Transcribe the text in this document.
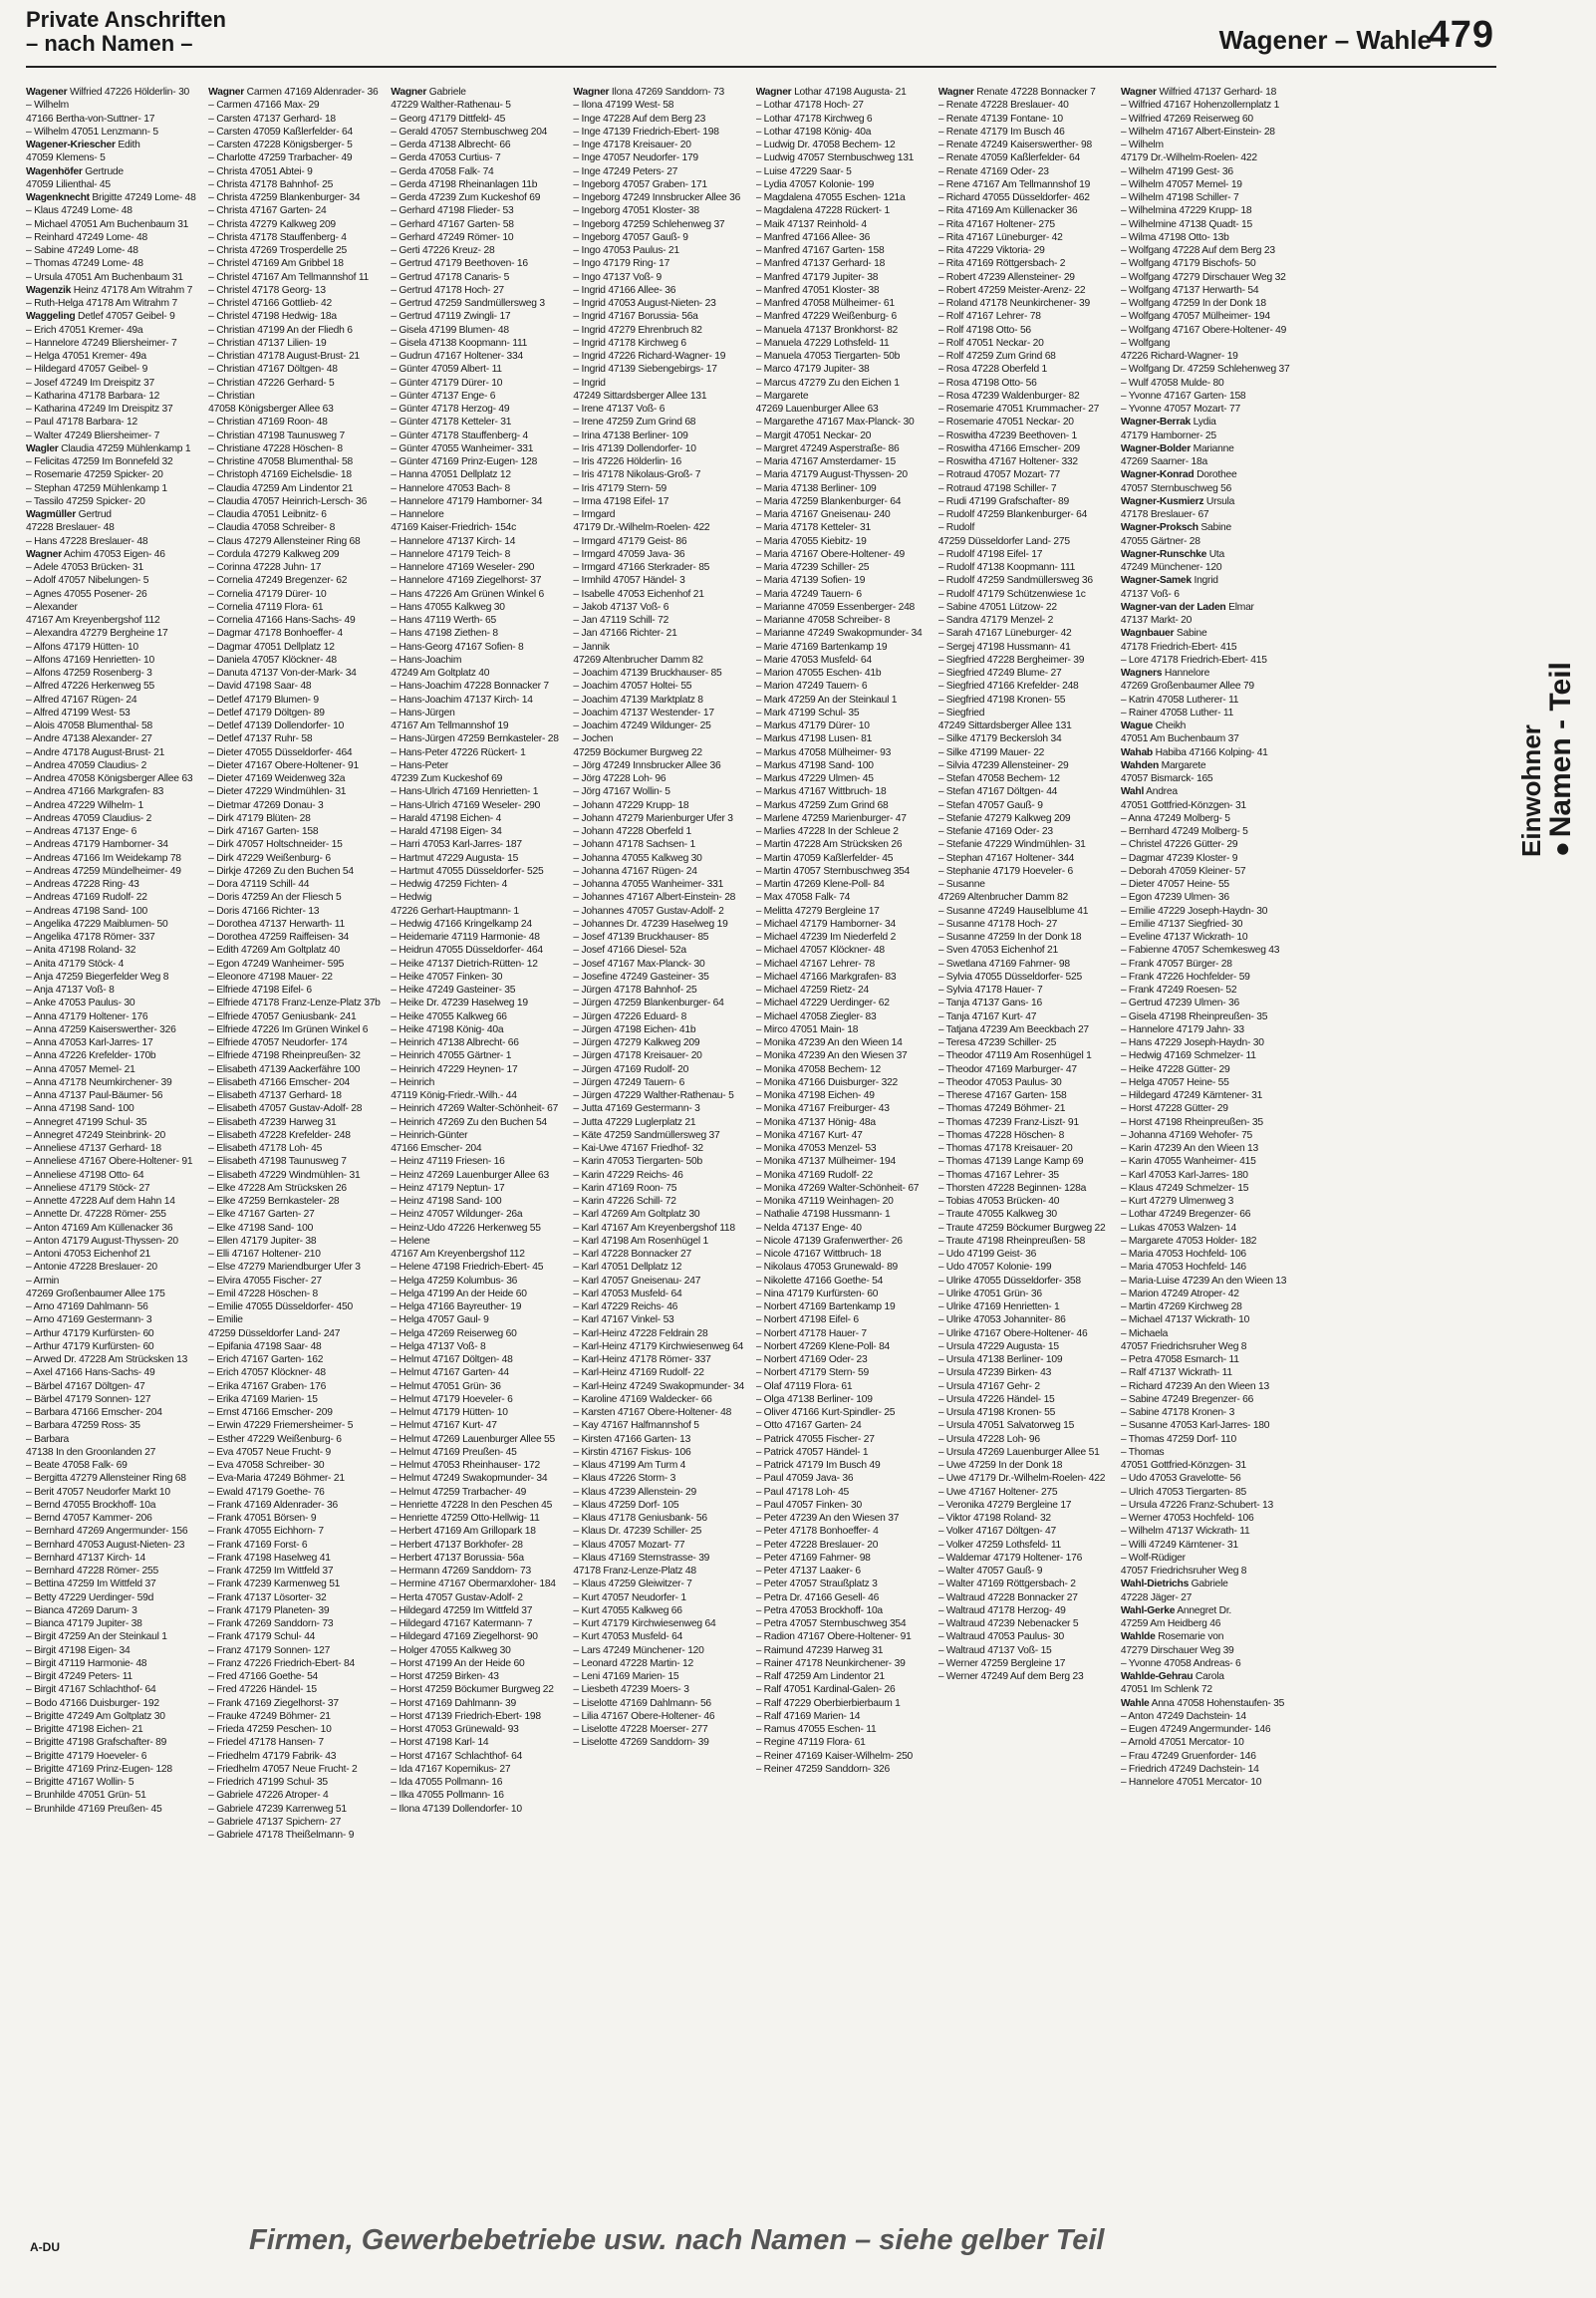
Private Anschriften
– nach Namen –	Wagener – Wahle
479
Wagener Wilfried 47226 Hölderlin- 30
– Wilhelm
47166 Bertha-von-Suttner- 17
– Wilhelm 47051 Lenzmann- 5
Wagener-Kriescher Edith
47059 Klemens- 5
Wagenhöfer Gertrude
47059 Lilienthal- 45
Wagenknecht Brigitte 47249 Lome- 48
– Klaus 47249 Lome- 48
– Michael 47051 Am Buchenbaum 31
– Reinhard 47249 Lome- 48
– Sabine 47249 Lome- 48
– Thomas 47249 Lome- 48
– Ursula 47051 Am Buchenbaum 31
Wagenzik Heinz 47178 Am Witrahm 7
– Ruth-Helga 47178 Am Witrahm 7
Waggeling Detlef 47057 Geibel- 9
– Erich 47051 Kremer- 49a
– Hannelore 47249 Bliersheimer- 7
– Helga 47051 Kremer- 49a
– Hildegard 47057 Geibel- 9
– Josef 47249 Im Dreispitz 37
– Katharina 47178 Barbara- 12
– Katharina 47249 Im Dreispitz 37
– Paul 47178 Barbara- 12
– Walter 47249 Bliersheimer- 7
Wagler Claudia 47259 Mühlenkamp 1
– Felicitas 47259 Im Bonnefeld 32
– Rosemarie 47259 Spicker- 20
– Stephan 47259 Mühlenkamp 1
– Tassilo 47259 Spicker- 20
Wagmüller Gertrud
47228 Breslauer- 48
– Hans 47228 Breslauer- 48
Wagner Achim 47053 Eigen- 46
– Adele 47053 Brücken- 31
– Adolf 47057 Nibelungen- 5
– Agnes 47055 Posener- 26
– Alexander
47167 Am Kreyenbergshof 112
– Alexandra 47279 Bergheine 17
– Alfons 47179 Hütten- 10
– Alfons 47169 Henrietten- 10
– Alfons 47259 Rosenberg- 3
– Alfred 47226 Herkenweg 55
– Alfred 47167 Rügen- 24
– Alfred 47199 West- 53
– Alois 47058 Blumenthal- 58
– Andre 47138 Alexander- 27
– Andre 47178 August-Brust- 21
– Andrea 47059 Claudius- 2
– Andrea 47058 Königsberger Allee 63
– Andrea 47166 Markgrafen- 83
– Andrea 47229 Wilhelm- 1
– Andreas 47059 Claudius- 2
– Andreas 47137 Enge- 6
– Andreas 47179 Hamborner- 34
– Andreas 47166 Im Weidekamp 78
– Andreas 47259 Mündelheimer- 49
– Andreas 47228 Ring- 43
– Andreas 47169 Rudolf- 22
– Andreas 47198 Sand- 100
– Angelika 47229 Maiblumen- 50
– Angelika 47178 Römer- 337
– Anita 47198 Roland- 32
– Anita 47179 Stöck- 4
– Anja 47259 Biegerfelder Weg 8
– Anja 47137 Voß- 8
– Anke 47053 Paulus- 30
– Anna 47179 Holtener- 176
– Anna 47259 Kaiserswerther- 326
– Anna 47053 Karl-Jarres- 17
– Anna 47226 Krefelder- 170b
– Anna 47057 Memel- 21
– Anna 47178 Neumkirchener- 39
– Anna 47137 Paul-Bäumer- 56
– Anna 47198 Sand- 100
– Annegret 47199 Schul- 35
– Annegret 47249 Steinbrink- 20
– Anneliese 47137 Gerhard- 18
– Anneliese 47167 Obere-Holtener- 91
– Anneliese 47198 Otto- 64
– Anneliese 47179 Stöck- 27
– Annette 47228 Auf dem Hahn 14
– Annette Dr. 47228 Römer- 255
– Anton 47169 Am Küllenacker 36
– Anton 47179 August-Thyssen- 20
– Antoni 47053 Eichenhof 21
– Antonie 47228 Breslauer- 20
– Armin
47269 Großenbaumer Allee 175
– Arno 47169 Dahlmann- 56
– Arno 47169 Gestermann- 3
– Arthur 47179 Kurfürsten- 60
– Arthur 47179 Kurfürsten- 60
– Arwed Dr. 47228 Am Strücksken 13
– Axel 47166 Hans-Sachs- 49
– Bärbel 47167 Döltgen- 47
– Bärbel 47179 Sonnen- 127
– Barbara 47166 Emscher- 204
– Barbara 47259 Ross- 35
– Barbara
47138 In den Groonlanden 27
– Beate 47058 Falk- 69
– Bergitta 47279 Allensteiner Ring 68
– Berit 47057 Neudorfer Markt 10
– Bernd 47055 Brockhoff- 10a
– Bernd 47057 Kammer- 206
– Bernhard 47269 Angermunder- 156
– Bernhard 47053 August-Nieten- 23
– Bernhard 47137 Kirch- 14
– Bernhard 47228 Römer- 255
– Bettina 47259 Im Wittfeld 37
– Betty 47229 Uerdinger- 59d
– Bianca 47269 Darum- 3
– Bianca 47179 Jupiter- 38
– Birgit 47259 An der Steinkaul 1
– Birgit 47198 Eigen- 34
– Birgit 47119 Harmonie- 48
– Birgit 47249 Peters- 11
– Birgit 47167 Schlachthof- 64
– Bodo 47166 Duisburger- 192
– Brigitte 47249 Am Goltplatz 30
– Brigitte 47198 Eichen- 21
– Brigitte 47198 Grafschafter- 89
– Brigitte 47179 Hoeveler- 6
– Brigitte 47169 Prinz-Eugen- 128
– Brigitte 47167 Wollin- 5
– Brunhilde 47051 Grün- 51
– Brunhilde 47169 Preußen- 45
Wagner Carmen 47169 Aldenrader- 36
– Carmen 47166 Max- 29
– Carsten 47137 Gerhard- 18
– Carsten 47059 Kaßlerfelder- 64
– Carsten 47228 Königsberger- 5
– Charlotte 47259 Trarbacher- 49
– Christa 47051 Abtei- 9
– Christa 47178 Bahnhof- 25
– Christa 47259 Blankenburger- 34
– Christa 47167 Garten- 24
– Christa 47279 Kalkweg 209
– Christa 47178 Stauffenberg- 4
– Christa 47269 Trosperdelle 25
– Christel 47169 Am Gribbel 18
– Christel 47167 Am Tellmannshof 11
– Christel 47178 Georg- 13
– Christel 47166 Gottlieb- 42
– Christel 47198 Hedwig- 18a
– Christian 47199 An der Fliedh 6
– Christian 47137 Lilien- 19
– Christian 47178 August-Brust- 21
– Christian 47167 Döltgen- 48
– Christian 47226 Gerhard- 5
– Christian
47058 Königsberger Allee 63
– Christian 47169 Roon- 48
– Christian 47198 Taunusweg 7
– Christiane 47228 Höschen- 8
– Christine 47058 Blumenthal- 58
– Christoph 47169 Eichelsdie- 18
– Claudia 47259 Am Lindentor 21
– Claudia 47057 Heinrich-Lersch- 36
– Claudia 47051 Leibnitz- 6
– Claudia 47058 Schreiber- 8
– Claus 47279 Allensteiner Ring 68
– Cordula 47279 Kalkweg 209
– Corinna 47228 Juhn- 17
– Cornelia 47249 Bregenzer- 62
– Cornelia 47179 Dürer- 10
– Cornelia 47119 Flora- 61
– Cornelia 47166 Hans-Sachs- 49
– Dagmar 47178 Bonhoeffer- 4
– Dagmar 47051 Dellplatz 12
– Daniela 47057 Klöckner- 48
– Danuta 47137 Von-der-Mark- 34
– David 47198 Saar- 48
– Detlef 47179 Blumen- 9
– Detlef 47179 Döltgen- 89
– Detlef 47139 Dollendorfer- 10
– Detlef 47137 Ruhr- 58
– Dieter 47055 Düsseldorfer- 464
– Dieter 47167 Obere-Holtener- 91
– Dieter 47169 Weidenweg 32a
– Dieter 47229 Windmühlen- 31
– Dietmar 47269 Donau- 3
– Dirk 47179 Blüten- 28
– Dirk 47167 Garten- 158
– Dirk 47057 Holtschneider- 15
– Dirk 47229 Weißenburg- 6
– Dirkje 47269 Zu den Buchen 54
– Dora 47119 Schill- 44
– Doris 47259 An der Fliesch 5
– Doris 47166 Richter- 13
– Dorothea 47137 Herwarth- 11
– Dorothea 47259 Raiffeisen- 34
– Edith 47269 Am Goltplatz 40
– Egon 47249 Wanheimer- 595
– Eleonore 47198 Mauer- 22
– Elfriede 47198 Eifel- 6
– Elfriede 47178 Franz-Lenze-Platz 37b
– Elfriede 47057 Geniusbank- 241
– Elfriede 47226 Im Grünen Winkel 6
– Elfriede 47057 Neudorfer- 174
– Elfriede 47198 Rheinpreußen- 32
– Elisabeth 47139 Aackerfähre 100
– Elisabeth 47166 Emscher- 204
– Elisabeth 47137 Gerhard- 18
– Elisabeth 47057 Gustav-Adolf- 28
– Elisabeth 47239 Harweg 31
– Elisabeth 47228 Krefelder- 248
– Elisabeth 47178 Loh- 45
– Elisabeth 47198 Taunusweg 7
– Elisabeth 47229 Windmühlen- 31
– Elke 47228 Am Strücksken 26
– Elke 47259 Bernkasteler- 28
– Elke 47167 Garten- 27
– Elke 47198 Sand- 100
– Ellen 47179 Jupiter- 38
– Elli 47167 Holtener- 210
– Else 47279 Mariendburger Ufer 3
– Elvira 47055 Fischer- 27
– Emil 47228 Höschen- 8
– Emilie 47055 Düsseldorfer- 450
– Emilie
47259 Düsseldorfer Land- 247
– Epifania 47198 Saar- 48
– Erich 47167 Garten- 162
– Erich 47057 Klöckner- 48
– Erika 47167 Graben- 176
– Erika 47169 Marien- 15
– Ernst 47166 Emscher- 209
– Erwin 47229 Friemersheimer- 5
– Esther 47229 Weißenburg- 6
– Eva 47057 Neue Frucht- 9
– Eva 47058 Schreiber- 30
– Eva-Maria 47249 Böhmer- 21
– Ewald 47179 Goethe- 76
– Frank 47169 Aldenrader- 36
– Frank 47051 Börsen- 9
– Frank 47055 Eichhorn- 7
– Frank 47169 Forst- 6
– Frank 47198 Haselweg 41
– Frank 47259 Im Wittfeld 37
– Frank 47239 Karmenweg 51
– Frank 47137 Lösorter- 32
– Frank 47179 Planeten- 39
– Frank 47269 Sanddorn- 73
– Frank 47179 Schul- 44
– Franz 47179 Sonnen- 127
– Franz 47226 Friedrich-Ebert- 84
– Fred 47166 Goethe- 54
– Fred 47226 Händel- 15
– Frank 47169 Ziegelhorst- 37
– Frauke 47249 Böhmer- 21
– Frieda 47259 Peschen- 10
– Friedel 47178 Hansen- 7
– Friedhelm 47179 Fabrik- 43
– Friedhelm 47057 Neue Frucht- 2
– Friedrich 47199 Schul- 35
– Gabriele 47226 Atroper- 4
– Gabriele 47239 Karrenweg 51
– Gabriele 47137 Spichern- 27
– Gabriele 47178 Theißelmann- 9
Wagner Gabriele
47229 Walther-Rathenau- 5
– Georg 47179 Dittfeld- 45
– Gerald 47057 Sternbuschweg 204
– Gerda 47138 Albrecht- 66
– Gerda 47053 Curtius- 7
– Gerda 47058 Falk- 74
– Gerda 47198 Rheinanlagen 11b
– Gerda 47239 Zum Kuckeshof 69
– Gerhard 47198 Flieder- 53
– Gerhard 47167 Garten- 58
– Gerhard 47249 Römer- 10
– Gerti 47226 Kreuz- 28
– Gertrud 47179 Beethoven- 16
– Gertrud 47178 Canaris- 5
– Gertrud 47178 Hoch- 27
– Gertrud 47259 Sandmüllersweg 3
– Gertrud 47119 Zwingli- 17
– Gisela 47199 Blumen- 48
– Gisela 47138 Koopmann- 111
– Gudrun 47167 Holtener- 334
– Günter 47059 Albert- 11
– Günter 47179 Dürer- 10
– Günter 47137 Enge- 6
– Günter 47178 Herzog- 49
– Günter 47178 Ketteler- 31
– Günter 47178 Stauffenberg- 4
– Günter 47055 Wanheimer- 331
– Günter 47169 Prinz-Eugen- 128
– Hanna 47051 Dellplatz 12
– Hannelore 47053 Bach- 8
– Hannelore 47179 Hamborner- 34
– Hannelore
47169 Kaiser-Friedrich- 154c
– Hannelore 47137 Kirch- 14
– Hannelore 47179 Teich- 8
– Hannelore 47169 Weseler- 290
– Hannelore 47169 Ziegelhorst- 37
– Hans 47226 Am Grünen Winkel 6
– Hans 47055 Kalkweg 30
– Hans 47119 Werth- 65
– Hans 47198 Ziethen- 8
– Hans-Georg 47167 Sofien- 8
– Hans-Joachim
47249 Am Goltplatz 40
– Hans-Joachim 47228 Bonnacker 7
– Hans-Joachim 47137 Kirch- 14
– Hans-Jürgen
47167 Am Tellmannshof 19
– Hans-Jürgen 47259 Bernkasteler- 28
– Hans-Peter 47226 Rückert- 1
– Hans-Peter
47239 Zum Kuckeshof 69
– Hans-Ulrich 47169 Henrietten- 1
– Hans-Ulrich 47169 Weseler- 290
– Harald 47198 Eichen- 4
– Harald 47198 Eigen- 34
– Harri 47053 Karl-Jarres- 187
– Hartmut 47229 Augusta- 15
– Hartmut 47055 Düsseldorfer- 525
– Hedwig 47259 Fichten- 4
– Hedwig
47226 Gerhart-Hauptmann- 1
– Hedwig 47166 Kringelkamp 24
– Heidemarie 47119 Harmonie- 48
– Heidrun 47055 Düsseldorfer- 464
– Heike 47137 Dietrich-Rütten- 12
– Heike 47057 Finken- 30
– Heike 47249 Gasteiner- 35
– Heike Dr. 47239 Haselweg 19
– Heike 47055 Kalkweg 66
– Heike 47198 König- 40a
– Heinrich 47138 Albrecht- 66
– Heinrich 47055 Gärtner- 1
– Heinrich 47229 Heynen- 17
– Heinrich
47119 König-Friedr.-Wilh.- 44
– Heinrich 47269 Walter-Schönheit- 67
– Heinrich 47269 Zu den Buchen 54
– Heinrich-Günter
47166 Emscher- 204
– Heinz 47119 Friesen- 16
– Heinz 47269 Lauenburger Allee 63
– Heinz 47179 Neptun- 17
– Heinz 47198 Sand- 100
– Heinz 47057 Wildunger- 26a
– Heinz-Udo 47226 Herkenweg 55
– Helene
47167 Am Kreyenbergshof 112
– Helene 47198 Friedrich-Ebert- 45
– Helga 47259 Kolumbus- 36
– Helga 47199 An der Heide 60
– Helga 47166 Bayreuther- 19
– Helga 47057 Gaul- 9
– Helga 47269 Reiserweg 60
– Helga 47137 Voß- 8
– Helmut 47167 Döltgen- 48
– Helmut 47167 Garten- 44
– Helmut 47051 Grün- 36
– Helmut 47179 Hoeveler- 6
– Helmut 47179 Hütten- 10
– Helmut 47167 Kurt- 47
– Helmut 47269 Lauenburger Allee 55
– Helmut 47169 Preußen- 45
– Helmut 47053 Rheinhauser- 172
– Helmut 47249 Swakopmunder- 34
– Helmut 47259 Trarbacher- 49
– Henriette 47228 In den Peschen 45
– Henriette 47259 Otto-Hellwig- 11
– Herbert 47169 Am Grillopark 18
– Herbert 47137 Borkhofer- 28
– Herbert 47137 Borussia- 56a
– Hermann 47269 Sanddorn- 73
– Hermine 47167 Obermarxloher- 184
– Herta 47057 Gustav-Adolf- 2
– Hildegard 47259 Im Wittfeld 37
– Hildegard 47167 Katermann- 7
– Hildegard 47169 Ziegelhorst- 90
– Holger 47055 Kalkweg 30
– Horst 47199 An der Heide 60
– Horst 47259 Birken- 43
– Horst 47259 Böckumer Burgweg 22
– Horst 47169 Dahlmann- 39
– Horst 47139 Friedrich-Ebert- 198
– Horst 47053 Grünewald- 93
– Horst 47198 Karl- 14
– Horst 47167 Schlachthof- 64
– Ida 47167 Kopernikus- 27
– Ida 47055 Pollmann- 16
– Ilka 47055 Pollmann- 16
– Ilona 47139 Dollendorfer- 10
Wagner Ilona 47269 Sanddorn- 73
– Ilona 47199 West- 58
– Inge 47228 Auf dem Berg 23
– Inge 47139 Friedrich-Ebert- 198
– Inge 47178 Kreisauer- 20
– Inge 47057 Neudorfer- 179
– Inge 47249 Peters- 27
– Ingeborg 47057 Graben- 171
– Ingeborg 47249 Innsbrucker Allee 36
– Ingeborg 47051 Kloster- 38
– Ingeborg 47259 Schlehenweg 37
– Ingeborg 47057 Gauß- 9
– Ingo 47053 Paulus- 21
– Ingo 47179 Ring- 17
– Ingo 47137 Voß- 9
– Ingrid 47166 Allee- 36
– Ingrid 47053 August-Nieten- 23
– Ingrid 47167 Borussia- 56a
– Ingrid 47279 Ehrenbruch 82
– Ingrid 47178 Kirchweg 6
– Ingrid 47226 Richard-Wagner- 19
– Ingrid 47139 Siebengebirgs- 17
– Ingrid
47249 Sittardsberger Allee 131
– Irene 47137 Voß- 6
– Irene 47259 Zum Grind 68
– Irina 47138 Berliner- 109
– Iris 47139 Dollendorfer- 10
– Iris 47226 Hölderlin- 16
– Iris 47178 Nikolaus-Groß- 7
– Iris 47179 Stern- 59
– Irma 47198 Eifel- 17
– Irmgard
47179 Dr.-Wilhelm-Roelen- 422
– Irmgard 47179 Geist- 86
– Irmgard 47059 Java- 36
– Irmgard 47166 Sterkrader- 85
– Irmhild 47057 Händel- 3
– Isabelle 47053 Eichenhof 21
– Jakob 47137 Voß- 6
– Jan 47119 Schill- 72
– Jan 47166 Richter- 21
– Jannik
47269 Altenbrucher Damm 82
– Joachim 47139 Bruckhauser- 85
– Joachim 47057 Holtei- 55
– Joachim 47139 Marktplatz 8
– Joachim 47137 Westender- 17
– Joachim 47249 Wildunger- 25
– Jochen
47259 Böckumer Burgweg 22
– Jörg 47249 Innsbrucker Allee 36
– Jörg 47228 Loh- 96
– Jörg 47167 Wollin- 5
– Johann 47229 Krupp- 18
– Johann 47279 Marienburger Ufer 3
– Johann 47228 Oberfeld 1
– Johann 47178 Sachsen- 1
– Johanna 47055 Kalkweg 30
– Johanna 47167 Rügen- 24
– Johanna 47055 Wanheimer- 331
– Johannes 47167 Albert-Einstein- 28
– Johannes 47057 Gustav-Adolf- 2
– Johannes Dr. 47239 Haselweg 19
– Josef 47139 Bruckhauser- 85
– Josef 47166 Diesel- 52a
– Josef 47167 Max-Planck- 30
– Josefine 47249 Gasteiner- 35
– Jürgen 47178 Bahnhof- 25
– Jürgen 47259 Blankenburger- 64
– Jürgen 47226 Eduard- 8
– Jürgen 47198 Eichen- 41b
– Jürgen 47279 Kalkweg 209
– Jürgen 47178 Kreisauer- 20
– Jürgen 47169 Rudolf- 20
– Jürgen 47249 Tauern- 6
– Jürgen 47229 Walther-Rathenau- 5
– Jutta 47169 Gestermann- 3
– Jutta 47229 Luglerplatz 21
– Käte 47259 Sandmüllersweg 37
– Kai-Uwe 47167 Friedhof- 32
– Karin 47053 Tiergarten- 50b
– Karin 47229 Reichs- 46
– Karin 47169 Roon- 75
– Karin 47226 Schill- 72
– Karl 47269 Am Goltplatz 30
– Karl 47167 Am Kreyenbergshof 118
– Karl 47198 Am Rosenhügel 1
– Karl 47228 Bonnacker 27
– Karl 47051 Dellplatz 12
– Karl 47057 Gneisenau- 247
– Karl 47053 Musfeld- 64
– Karl 47229 Reichs- 46
– Karl 47167 Vinkel- 53
– Karl-Heinz 47228 Feldrain 28
– Karl-Heinz 47179 Kirchwiesenweg 64
– Karl-Heinz 47178 Römer- 337
– Karl-Heinz 47169 Rudolf- 22
– Karl-Heinz 47249 Swakopmunder- 34
– Karoline 47169 Waldecker- 66
– Karsten 47167 Obere-Holtener- 48
– Kay 47167 Halfmannshof 5
– Kirsten 47166 Garten- 13
– Kirstin 47167 Fiskus- 106
– Klaus 47199 Am Turm 4
– Klaus 47226 Storm- 3
– Klaus 47239 Allenstein- 29
– Klaus 47259 Dorf- 105
– Klaus 47178 Geniusbank- 56
– Klaus Dr. 47239 Schiller- 25
– Klaus 47057 Mozart- 77
– Klaus 47169 Sternstrasse- 39
47178 Franz-Lenze-Platz 48
– Klaus 47259 Gleiwitzer- 7
– Kurt 47057 Neudorfer- 1
– Kurt 47055 Kalkweg 66
– Kurt 47179 Kirchwiesenweg 64
– Kurt 47053 Musfeld- 64
– Lars 47249 Münchener- 120
– Leonard 47228 Martin- 12
– Leni 47169 Marien- 15
– Liesbeth 47239 Moers- 3
– Liselotte 47169 Dahlmann- 56
– Lilia 47167 Obere-Holtener- 46
– Liselotte 47228 Moerser- 277
– Liselotte 47269 Sanddorn- 39
Wagner Lothar 47198 Augusta- 21
– Lothar 47178 Hoch- 27
– Lothar 47178 Kirchweg 6
– Lothar 47198 König- 40a
– Ludwig Dr. 47058 Bechem- 12
– Ludwig 47057 Sternbuschweg 131
– Luise 47229 Saar- 5
– Lydia 47057 Kolonie- 199
– Magdalena 47055 Eschen- 121a
– Magdalena 47228 Rückert- 1
– Maik 47137 Reinhold- 4
– Manfred 47166 Allee- 36
– Manfred 47167 Garten- 158
– Manfred 47137 Gerhard- 18
– Manfred 47179 Jupiter- 38
– Manfred 47051 Kloster- 38
– Manfred 47058 Mülheimer- 61
– Manfred 47229 Weißenburg- 6
– Manuela 47137 Bronkhorst- 82
– Manuela 47229 Lothsfeld- 11
– Manuela 47053 Tiergarten- 50b
– Marco 47179 Jupiter- 38
– Marcus 47279 Zu den Eichen 1
– Margarete
47269 Lauenburger Allee 63
– Margarethe 47167 Max-Planck- 30
– Margit 47051 Neckar- 20
– Margret 47249 Asperstraße- 86
– Maria 47167 Amsterdamer- 15
– Maria 47179 August-Thyssen- 20
– Maria 47138 Berliner- 109
– Maria 47259 Blankenburger- 64
– Maria 47167 Gneisenau- 240
– Maria 47178 Ketteler- 31
– Maria 47055 Kiebitz- 19
– Maria 47167 Obere-Holtener- 49
– Maria 47239 Schiller- 25
– Maria 47139 Sofien- 19
– Maria 47249 Tauern- 6
– Marianne 47059 Essenberger- 248
– Marianne 47058 Schreiber- 8
– Marianne 47249 Swakopmunder- 34
– Marie 47169 Bartenkamp 19
– Marie 47053 Musfeld- 64
– Marion 47055 Eschen- 41b
– Marion 47249 Tauern- 6
– Mark 47259 An der Steinkaul 1
– Mark 47199 Schul- 35
– Markus 47179 Dürer- 10
– Markus 47198 Lusen- 81
– Markus 47058 Mülheimer- 93
– Markus 47198 Sand- 100
– Markus 47229 Ulmen- 45
– Markus 47167 Wittbruch- 18
– Markus 47259 Zum Grind 68
– Marlene 47259 Marienburger- 47
– Marlies 47228 In der Schleue 2
– Martin 47228 Am Strücksken 26
– Martin 47059 Kaßlerfelder- 45
– Martin 47057 Sternbuschweg 354
– Martin 47269 Klene-Poll- 84
– Max 47058 Falk- 74
– Melitta 47279 Bergleine 17
– Michael 47179 Hamborner- 34
– Michael 47239 Im Niederfeld 2
– Michael 47057 Klöckner- 48
– Michael 47167 Lehrer- 78
– Michael 47166 Markgrafen- 83
– Michael 47259 Rietz- 24
– Michael 47229 Uerdinger- 62
– Michael 47058 Ziegler- 83
– Mirco 47051 Main- 18
– Monika 47239 An den Wieen 14
– Monika 47239 An den Wiesen 37
– Monika 47058 Bechem- 12
– Monika 47166 Duisburger- 322
– Monika 47198 Eichen- 49
– Monika 47167 Freiburger- 43
– Monika 47137 Hönig- 48a
– Monika 47167 Kurt- 47
– Monika 47053 Menzel- 53
– Monika 47137 Mülheimer- 194
– Monika 47169 Rudolf- 22
– Monika 47269 Walter-Schönheit- 67
– Monika 47119 Weinhagen- 20
– Nathalie 47198 Hussmann- 1
– Nelda 47137 Enge- 40
– Nicole 47139 Grafenwerther- 26
– Nicole 47167 Wittbruch- 18
– Nikolaus 47053 Grunewald- 89
– Nikolette 47166 Goethe- 54
– Nina 47179 Kurfürsten- 60
– Norbert 47169 Bartenkamp 19
– Norbert 47198 Eifel- 6
– Norbert 47178 Hauer- 7
– Norbert 47269 Klene-Poll- 84
– Norbert 47169 Oder- 23
– Norbert 47179 Stern- 59
– Olaf 47119 Flora- 61
– Olga 47138 Berliner- 109
– Oliver 47166 Kurt-Spindler- 25
– Otto 47167 Garten- 24
– Patrick 47055 Fischer- 27
– Patrick 47057 Händel- 1
– Patrick 47179 Im Busch 49
– Paul 47059 Java- 36
– Paul 47178 Loh- 45
– Paul 47057 Finken- 30
– Peter 47239 An den Wiesen 37
– Peter 47178 Bonhoeffer- 4
– Peter 47228 Breslauer- 20
– Peter 47169 Fahrner- 98
– Peter 47137 Laaker- 6
– Peter 47057 Straußplatz 3
– Petra Dr. 47166 Gesell- 46
– Petra 47053 Brockhoff- 10a
– Petra 47057 Sternbuschweg 354
– Radion 47167 Obere-Holtener- 91
– Raimund 47239 Harweg 31
– Rainer 47178 Neunkirchener- 39
– Ralf 47259 Am Lindentor 21
– Ralf 47051 Kardinal-Galen- 26
– Ralf 47229 Oberbierbierbaum 1
– Ralf 47169 Marien- 14
– Ramus 47055 Eschen- 11
– Regine 47119 Flora- 61
– Reiner 47169 Kaiser-Wilhelm- 250
– Reiner 47259 Sanddorn- 326
Wagner Renate 47228 Bonnacker 7
– Renate 47228 Breslauer- 40
– Renate 47139 Fontane- 10
– Renate 47179 Im Busch 46
– Renate 47249 Kaiserswerther- 98
– Renate 47059 Kaßlerfelder- 64
– Renate 47169 Oder- 23
– Rene 47167 Am Tellmannshof 19
– Richard 47055 Düsseldorfer- 462
– Rita 47169 Am Küllenacker 36
– Rita 47167 Holtener- 275
– Rita 47167 Lüneburger- 42
– Rita 47229 Viktoria- 29
– Rita 47169 Röttgersbach- 2
– Robert 47239 Allensteiner- 29
– Robert 47259 Meister-Arenz- 22
– Roland 47178 Neunkirchener- 39
– Rolf 47167 Lehrer- 78
– Rolf 47198 Otto- 56
– Rolf 47051 Neckar- 20
– Rolf 47259 Zum Grind 68
– Rosa 47228 Oberfeld 1
– Rosa 47198 Otto- 56
– Rosa 47239 Waldenburger- 82
– Rosemarie 47051 Krummacher- 27
– Rosemarie 47051 Neckar- 20
– Roswitha 47239 Beethoven- 1
– Roswitha 47166 Emscher- 209
– Roswitha 47167 Holtener- 332
– Rotraud 47057 Mozart- 77
– Rotraud 47198 Schiller- 7
– Rudi 47199 Grafschafter- 89
– Rudolf 47259 Blankenburger- 64
– Rudolf
47259 Düsseldorfer Land- 275
– Rudolf 47198 Eifel- 17
– Rudolf 47138 Koopmann- 111
– Rudolf 47259 Sandmüllersweg 36
– Rudolf 47179 Schützenwiese 1c
– Sabine 47051 Lützow- 22
– Sandra 47179 Menzel- 2
– Sarah 47167 Lüneburger- 42
– Sergej 47198 Hussmann- 41
– Siegfried 47228 Bergheimer- 39
– Siegfried 47249 Blume- 27
– Siegfried 47166 Krefelder- 248
– Siegfried 47198 Kronen- 55
– Siegfried
47249 Sittardsberger Allee 131
– Silke 47179 Beckersloh 34
– Silke 47199 Mauer- 22
– Silvia 47239 Allensteiner- 29
– Stefan 47058 Bechem- 12
– Stefan 47167 Döltgen- 44
– Stefan 47057 Gauß- 9
– Stefanie 47279 Kalkweg 209
– Stefanie 47169 Oder- 23
– Stefanie 47229 Windmühlen- 31
– Stephan 47167 Holtener- 344
– Stephanie 47179 Hoeveler- 6
– Susanne
47269 Altenbrucher Damm 82
– Susanne 47249 Hauselblume 41
– Susanne 47178 Hoch- 27
– Susanne 47259 In der Donk 18
– Sven 47053 Eichenhof 21
– Swetlana 47169 Fahrner- 98
– Sylvia 47055 Düsseldorfer- 525
– Sylvia 47178 Hauer- 7
– Tanja 47137 Gans- 16
– Tanja 47167 Kurt- 47
– Tatjana 47239 Am Beeckbach 27
– Teresa 47239 Schiller- 25
– Theodor 47119 Am Rosenhügel 1
– Theodor 47169 Marburger- 47
– Theodor 47053 Paulus- 30
– Therese 47167 Garten- 158
– Thomas 47249 Böhmer- 21
– Thomas 47239 Franz-Liszt- 91
– Thomas 47228 Höschen- 8
– Thomas 47178 Kreisauer- 20
– Thomas 47139 Lange Kamp 69
– Thomas 47167 Lehrer- 35
– Thorsten 47228 Beginnen- 128a
– Tobias 47053 Brücken- 40
– Traute 47055 Kalkweg 30
– Traute 47259 Böckumer Burgweg 22
– Traute 47198 Rheinpreußen- 58
– Udo 47199 Geist- 36
– Udo 47057 Kolonie- 199
– Ulrike 47055 Düsseldorfer- 358
– Ulrike 47051 Grün- 36
– Ulrike 47169 Henrietten- 1
– Ulrike 47053 Johanniter- 86
– Ulrike 47167 Obere-Holtener- 46
– Ursula 47229 Augusta- 15
– Ursula 47138 Berliner- 109
– Ursula 47239 Birken- 43
– Ursula 47167 Gehr- 2
– Ursula 47226 Händel- 15
– Ursula 47198 Kronen- 55
– Ursula 47051 Salvatorweg 15
– Ursula 47228 Loh- 96
– Ursula 47269 Lauenburger Allee 51
– Uwe 47259 In der Donk 18
– Uwe 47179 Dr.-Wilhelm-Roelen- 422
– Uwe 47167 Holtener- 275
– Veronika 47279 Bergleine 17
– Viktor 47198 Roland- 32
– Volker 47167 Döltgen- 47
– Volker 47259 Lothsfeld- 11
– Waldemar 47179 Holtener- 176
– Walter 47057 Gauß- 9
– Walter 47169 Röttgersbach- 2
– Waltraud 47228 Bonnacker 27
– Waltraud 47178 Herzog- 49
– Waltraud 47239 Nebenacker 5
– Waltraud 47053 Paulus- 30
– Waltraud 47137 Voß- 15
– Werner 47259 Bergleine 17
– Werner 47249 Auf dem Berg 23
Wagner Wilfried 47137 Gerhard- 18
– Wilfried 47167 Hohenzollernplatz 1
– Wilfried 47269 Reiserweg 60
– Wilhelm 47167 Albert-Einstein- 28
– Wilhelm
47179 Dr.-Wilhelm-Roelen- 422
– Wilhelm 47199 Gest- 36
– Wilhelm 47057 Memel- 19
– Wilhelm 47198 Schiller- 7
– Wilhelmina 47229 Krupp- 18
– Wilhelmine 47138 Quadt- 15
– Wilma 47198 Otto- 13b
– Wolfgang 47228 Auf dem Berg 23
– Wolfgang 47179 Bischofs- 50
– Wolfgang 47279 Dirschauer Weg 32
– Wolfgang 47137 Herwarth- 54
– Wolfgang 47259 In der Donk 18
– Wolfgang 47057 Mülheimer- 194
– Wolfgang 47167 Obere-Holtener- 49
– Wolfgang
47226 Richard-Wagner- 19
– Wolfgang Dr. 47259 Schlehenweg 37
– Wulf 47058 Mulde- 80
– Yvonne 47167 Garten- 158
– Yvonne 47057 Mozart- 77
Wagner-Berrak Lydia
47179 Hamborner- 25
Wagner-Bolder Marianne
47269 Saarner- 18a
Wagner-Konrad Dorothee
47057 Sternbuschweg 56
Wagner-Kusmierz Ursula
47178 Breslauer- 67
Wagner-Proksch Sabine
47055 Gärtner- 28
Wagner-Runschke Uta
47249 Münchener- 120
Wagner-Samek Ingrid
47137 Voß- 6
Wagner-van der Laden Elmar
47137 Markt- 20
Wagnbauer Sabine
47178 Friedrich-Ebert- 415
– Lore 47178 Friedrich-Ebert- 415
Wagners Hannelore
47269 Großenbaumer Allee 79
– Katrin 47058 Lutherer- 11
– Rainer 47058 Luther- 11
Wague Cheikh
47051 Am Buchenbaum 37
Wahab Habiba 47166 Kolping- 41
Wahden Margarete
47057 Bismarck- 165
Wahl Andrea
47051 Gottfried-Könzgen- 31
– Anna 47249 Molberg- 5
– Bernhard 47249 Molberg- 5
– Christel 47226 Gütter- 29
– Dagmar 47239 Kloster- 9
– Deborah 47059 Kleiner- 57
– Dieter 47057 Heine- 55
– Egon 47239 Ulmen- 36
– Emilie 47229 Joseph-Haydn- 30
– Emilie 47137 Siegfried- 30
– Eveline 47137 Wickrath- 10
– Fabienne 47057 Schemkesweg 43
– Frank 47057 Bürger- 28
– Frank 47226 Hochfelder- 59
– Frank 47249 Roesen- 52
– Gertrud 47239 Ulmen- 36
– Gisela 47198 Rheinpreußen- 35
– Hannelore 47179 Jahn- 33
– Hans 47229 Joseph-Haydn- 30
– Hedwig 47169 Schmelzer- 11
– Heike 47228 Gütter- 29
– Helga 47057 Heine- 55
– Hildegard 47249 Kärntener- 31
– Horst 47228 Gütter- 29
– Horst 47198 Rheinpreußen- 35
– Johanna 47169 Wehofer- 75
– Karin 47239 An den Wieen 13
– Karin 47055 Wanheimer- 415
– Karl 47053 Karl-Jarres- 180
– Klaus 47249 Schmelzer- 15
– Kurt 47279 Ulmenweg 3
– Lothar 47249 Bregenzer- 66
– Lukas 47053 Walzen- 14
– Margarete 47053 Holder- 182
– Maria 47053 Hochfeld- 106
– Maria 47053 Hochfeld- 146
– Maria-Luise 47239 An den Wieen 13
– Marion 47249 Atroper- 42
– Martin 47269 Kirchweg 28
– Michael 47137 Wickrath- 10
– Michaela
47057 Friedrichsruher Weg 8
– Petra 47058 Esmarch- 11
– Ralf 47137 Wickrath- 11
– Richard 47239 An den Wieen 13
– Sabine 47249 Bregenzer- 66
– Sabine 47178 Kronen- 3
– Susanne 47053 Karl-Jarres- 180
– Thomas 47259 Dorf- 110
– Thomas
47051 Gottfried-Könzgen- 31
– Udo 47053 Gravelotte- 56
– Ulrich 47053 Tiergarten- 85
– Ursula 47226 Franz-Schubert- 13
– Werner 47053 Hochfeld- 106
– Wilhelm 47137 Wickrath- 11
– Willi 47249 Kärntener- 31
– Wolf-Rüdiger
47057 Friedrichsruher Weg 8
Wahl-Dietrichs Gabriele
47228 Jäger- 27
Wahl-Gerke Annegret Dr.
47259 Am Heidberg 46
Wahlde Rosemarie von
47279 Dirschauer Weg 39
– Yvonne 47058 Andreas- 6
Wahlde-Gehrau Carola
47051 Im Schlenk 72
Wahle Anna 47058 Hohenstaufen- 35
– Anton 47249 Dachstein- 14
– Eugen 47249 Angermunder- 146
– Arnold 47051 Mercator- 10
– Frau 47249 Gruenforder- 146
– Friedrich 47249 Dachstein- 14
– Hannelore 47051 Mercator- 10
Einwohner ●Namen - Teil
A-DU	Firmen, Gewerbebetriebe usw. nach Namen – siehe gelber Teil
